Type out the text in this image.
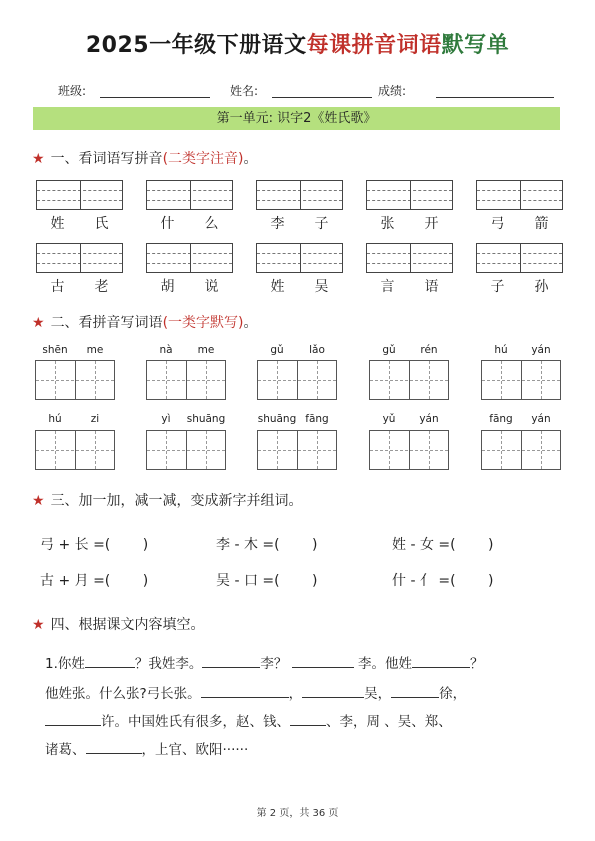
2025一年级下册语文每课拼音词语默写单
班级:	姓名:	成绩:
第一单元: 识字2《姓氏歌》
★ 一、看词语写拼音(二类字注音)。
姓	氏	什	么	李	子	张	开	弓	箭
古	老	胡	说	姓	吴	言	语	子	孙
★ 二、看拼音写词语(一类字默写)。
shēn	me	nà	me	gǔ	lǎo	gǔ	rén	hú	yán
hú	zi	yì	shuāng	shuāng fāng	yǔ	yán	fāng	yán
★ 三、加一加，减一减，变成新字并组词。
弓 + 长 =(　　 )	李 - 木 =(　　 )	姓 - 女 =(　　 )
古 + 月 =(　　 )	吴 - 口 =(　　 )	什 - 亻 =(　　 )
★ 四、根据课文内容填空。
1.你姓	？我姓李。	李？	李。他姓	？
他姓张。什么张?弓长张。	，	吴，	徐，
许。中国姓氏有很多，赵、钱、	、李，周 、吴、郑、
诸葛、	，上官、欧阳······
第 2 页，共 36 页
